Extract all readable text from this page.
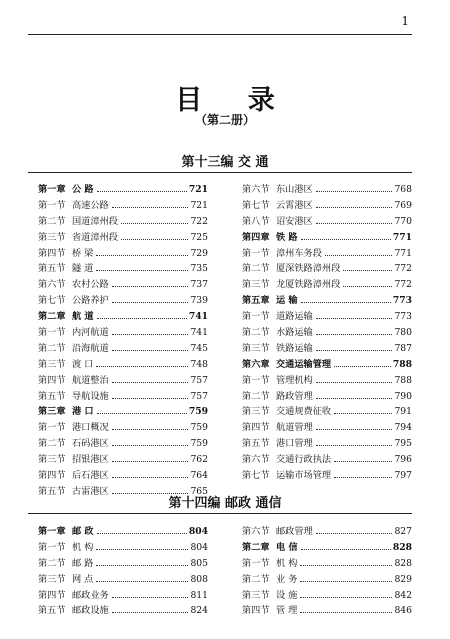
1
目 录
（第二册）
第十三编 交 通
第一章 公 路	721
第一节 高速公路	721
第二节 国道漳州段	722
第三节 省道漳州段	725
第四节 桥 梁	729
第五节 隧 道	735
第六节 农村公路	737
第七节 公路养护	739
第二章 航 道	741
第一节 内河航道	741
第二节 沿海航道	745
第三节 渡 口	748
第四节 航道整治	757
第五节 导航设施	757
第三章 港 口	759
第一节 港口概况	759
第二节 石码港区	759
第三节 招银港区	762
第四节 后石港区	764
第五节 古雷港区	765
第六节 东山港区	768
第七节 云霄港区	769
第八节 诏安港区	770
第四章 铁 路	771
第一节 漳州车务段	771
第二节 厦深铁路漳州段	772
第三节 龙厦铁路漳州段	772
第五章 运 输	773
第一节 道路运输	773
第二节 水路运输	780
第三节 铁路运输	787
第六章 交通运输管理	788
第一节 管理机构	788
第二节 路政管理	790
第三节 交通规费征收	791
第四节 航道管理	794
第五节 港口管理	795
第六节 交通行政执法	796
第七节 运输市场管理	797
第十四编 邮政 通信
第一章 邮 政	804
第一节 机 构	804
第二节 邮 路	805
第三节 网 点	808
第四节 邮政业务	811
第五节 邮政设施	824
第六节 邮政管理	827
第二章 电 信	828
第一节 机 构	828
第二节 业 务	829
第三节 设 施	842
第四节 管 理	846
